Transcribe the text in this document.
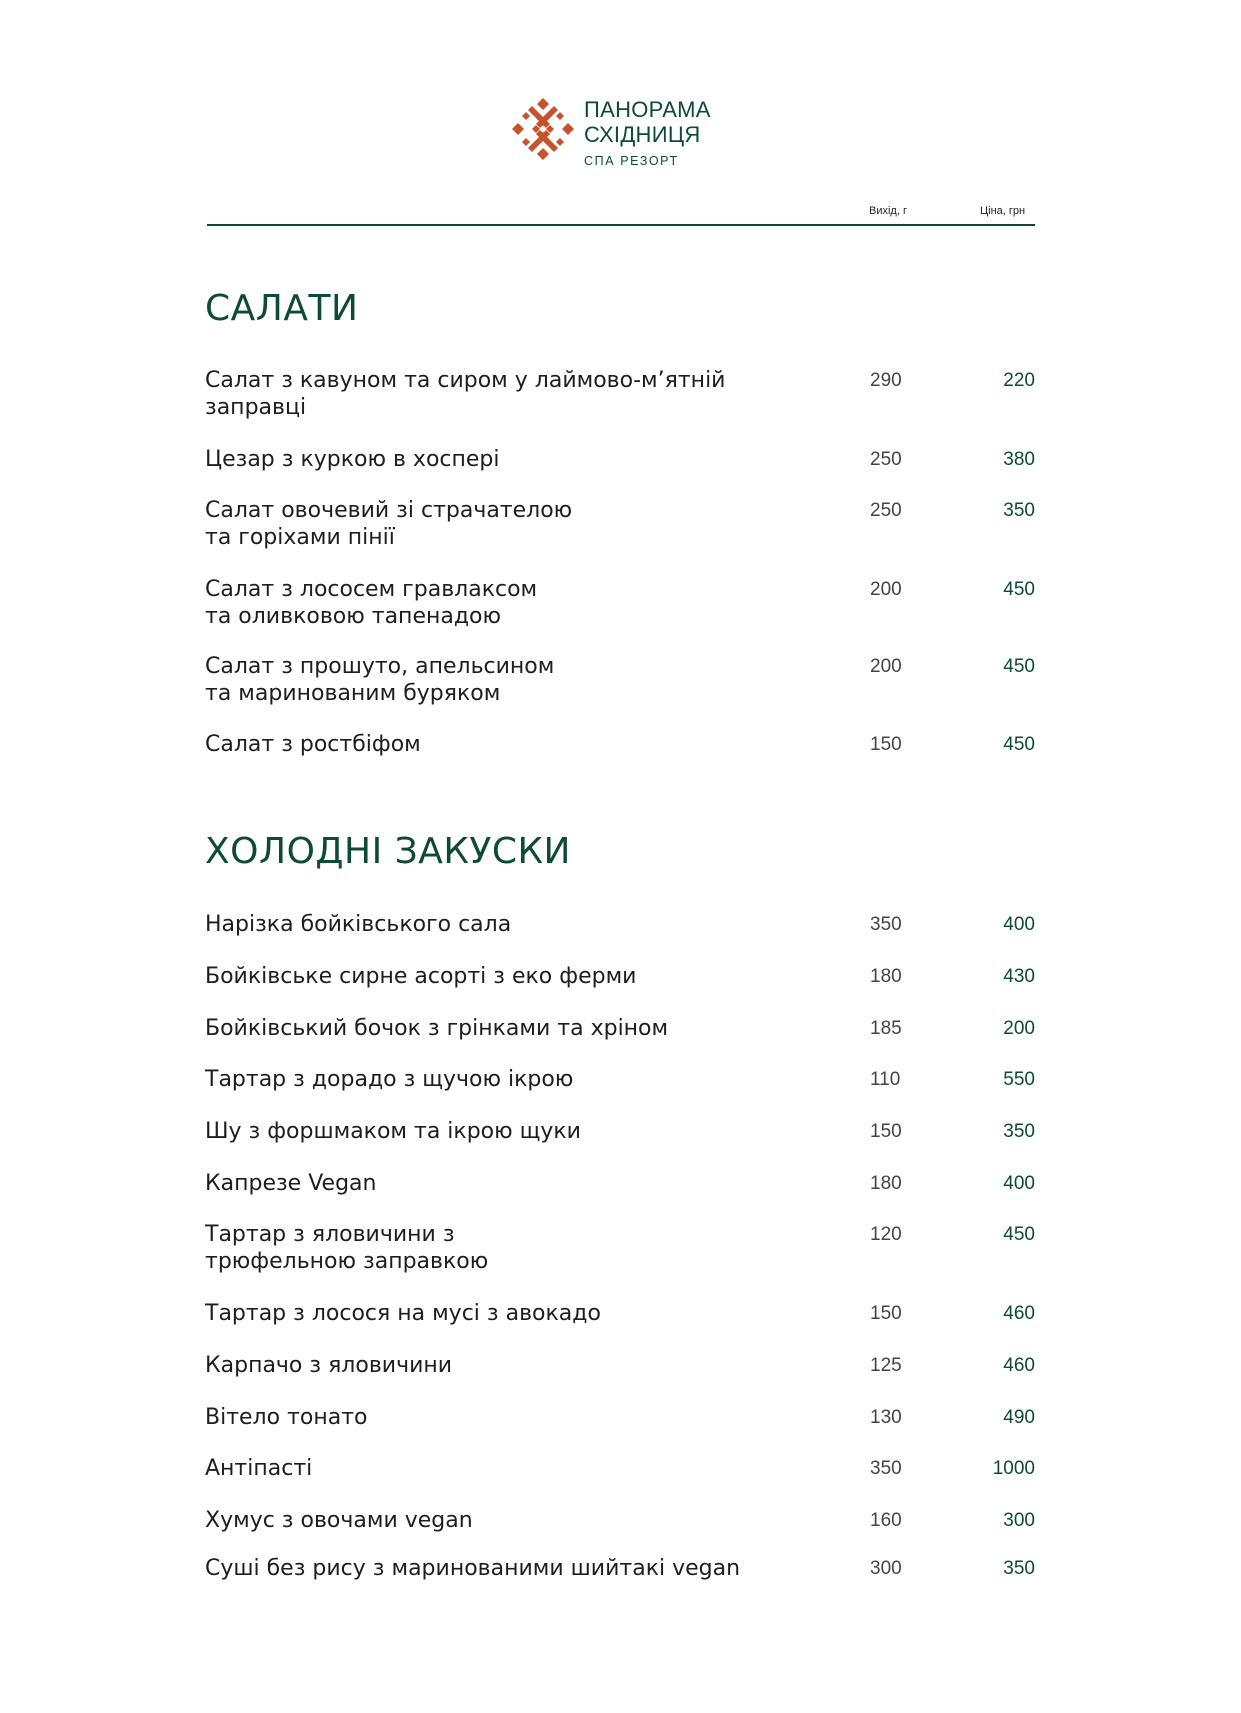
ПАНОРАМА
СХІДНИЦЯ
СПА РЕЗОРТ
Вихід, г	Ціна, грн
САЛАТИ
Салат з кавуном та сиром у лаймово-м’ятній
заправці
290	220
Цезар з куркою в хоспері	250	380
Салат овочевий зі страчателою
та горіхами пінії
250	350
Салат з лососем гравлаксом
та оливковою тапенадою
200	450
Салат з прошуто, апельсином
та маринованим буряком
200	450
Салат з ростбіфом	150	450
ХОЛОДНІ ЗАКУСКИ
Нарізка бойківського сала	350	400
Бойківське сирне асорті з еко ферми	180	430
Бойківський бочок з грінками та хріном	185	200
Тартар з дорадо з щучою ікрою	110	550
Шу з форшмаком та ікрою щуки	150	350
Капрезе Vegan	180	400
Тартар з яловичини з
трюфельною заправкою
120	450
Тартар з лосося на мусі з авокадо	150	460
Карпачо з яловичини	125	460
Вітело тонато	130	490
Антіпасті	350	1000
Хумус з овочами vegan	160	300
Суші без рису з маринованими шийтакі vegan	300	350
